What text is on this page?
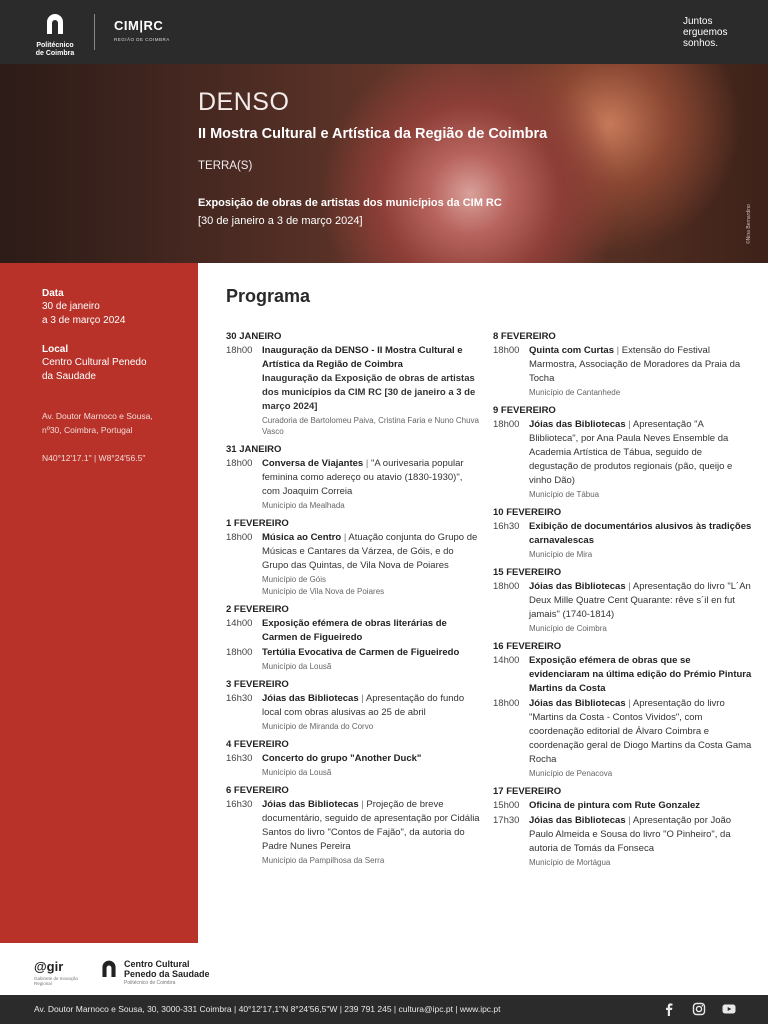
Politécnico
de Coimbra
CIM|RC
REGIÃO DE COIMBRA
Juntos
erguemos
sonhos.
DENSO
II Mostra Cultural e Artística da Região de Coimbra
TERRA(S)
Exposição de obras de artistas dos municípios da CIM RC
[30 de janeiro a 3 de março 2024]	©Nina Bernardino
Data
30 de janeiro
a 3 de março 2024
Local
Centro Cultural Penedo
da Saudade
Av. Doutor Marnoco e Sousa,
nº30, Coimbra, Portugal
N40°12'17.1" | W8°24'56.5"
Programa
30 JANEIRO
18h00	Inauguração da DENSO - II Mostra Cultural e Artística da Região de Coimbra
Inauguração da Exposição de obras de artistas dos municípios da CIM RC [30 de janeiro a 3 de março 2024]
Curadoria de Bartolomeu Paiva, Cristina Faria e Nuno Chuva Vasco
31 JANEIRO
18h00	Conversa de Viajantes | "A ourivesaria popular feminina como adereço ou atavio (1830-1930)", com Joaquim Correia
Município da Mealhada
1 FEVEREIRO
18h00	Música ao Centro | Atuação conjunta do Grupo de Músicas e Cantares da Várzea, de Góis, e do Grupo das Quintas, de Vila Nova de Poiares
Município de Góis
Município de Vila Nova de Poiares
2 FEVEREIRO
14h00	Exposição efémera de obras literárias de Carmen de Figueiredo
18h00	Tertúlia Evocativa de Carmen de Figueiredo
Município da Lousã
3 FEVEREIRO
16h30	Jóias das Bibliotecas | Apresentação do fundo local com obras alusivas ao 25 de abril
Município de Miranda do Corvo
4 FEVEREIRO
16h30	Concerto do grupo "Another Duck"
Município da Lousã
6 FEVEREIRO
16h30	Jóias das Bibliotecas | Projeção de breve documentário, seguido de apresentação por Cidália Santos do livro "Contos de Fajão", da autoria do Padre Nunes Pereira
Município da Pampilhosa da Serra
8 FEVEREIRO
18h00	Quinta com Curtas | Extensão do Festival Marmostra, Associação de Moradores da Praia da Tocha
Município de Cantanhede
9 FEVEREIRO
18h00	Jóias das Bibliotecas | Apresentação "A Bliblioteca", por Ana Paula Neves Ensemble da Academia Artística de Tábua, seguido de degustação de produtos regionais (pão, queijo e vinho Dão)
Município de Tábua
10 FEVEREIRO
16h30	Exibição de documentários alusivos às tradições carnavalescas
Município de Mira
15 FEVEREIRO
18h00	Jóias das Bibliotecas | Apresentação do livro "L´An Deux Mille Quatre Cent Quarante: rêve s´il en fut jamais" (1740-1814)
Município de Coimbra
16 FEVEREIRO
14h00	Exposição efémera de obras que se evidenciaram na última edição do Prémio Pintura Martins da Costa
18h00	Jóias das Bibliotecas | Apresentação do livro "Martins da Costa - Contos Vividos", com coordenação editorial de Álvaro Coimbra e coordenação geral de Diogo Martins da Costa Gama Rocha
Município de Penacova
17 FEVEREIRO
15h00	Oficina de pintura com Rute Gonzalez
17h30	Jóias das Bibliotecas | Apresentação por João Paulo Almeida e Sousa do livro "O Pinheiro", da autoria de Tomás da Fonseca
Município de Mortágua
@gir
Gabinete de Inovação Regional
Centro Cultural
Penedo da Saudade
Politécnico de Coimbra
Av. Doutor Marnoco e Sousa, 30, 3000-331 Coimbra | 40°12'17,1"N 8°24'56,5"W | 239 791 245 | cultura@ipc.pt | www.ipc.pt
